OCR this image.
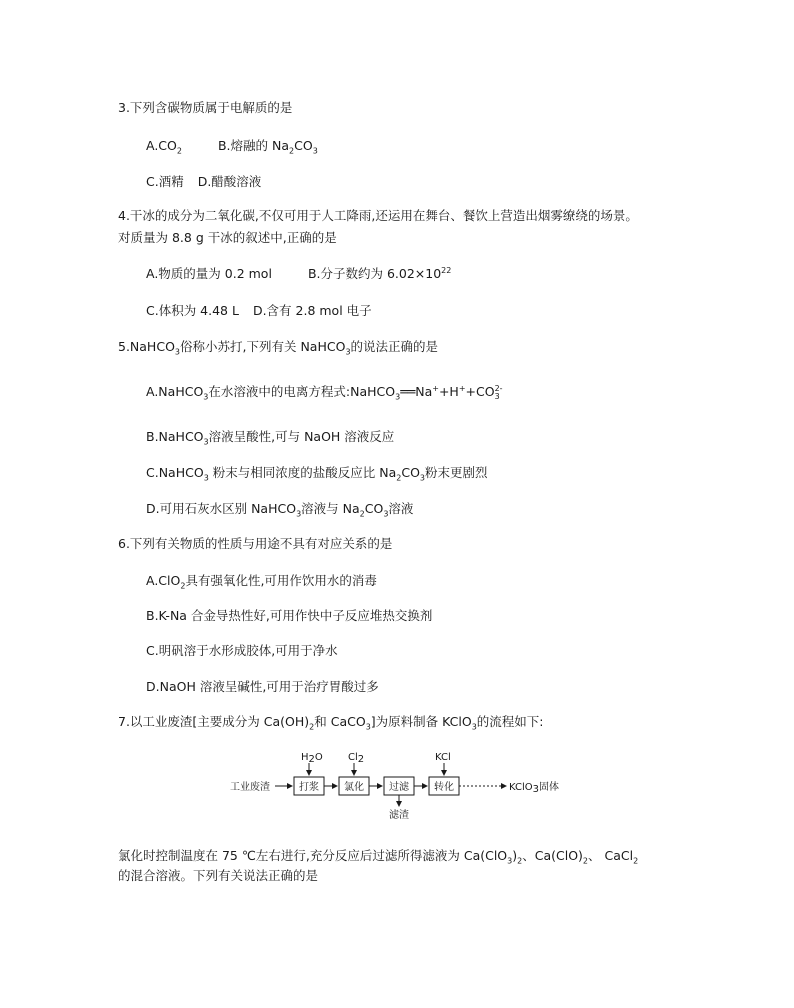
3.下列含碳物质属于电解质的是
$A.CO_2$	B.熔融的 $Na_2CO_3$
C.酒精 D.醋酸溶液
4.干冰的成分为二氧化碳,不仅可用于人工降雨,还运用在舞台、餐饮上营造出烟雾缭绕的场景。
对质量为 8.8 g 干冰的叙述中,正确的是
A.物质的量为 0.2 mol	B.分子数约为 $6.02\times 10^{22}$
C.体积为 4.48 L D.含有 2.8 mol 电子
5.NaHCO$_3$俗称小苏打,下列有关 NaHCO$_3$的说法正确的是
A.NaHCO$_3$在水溶液中的电离方程式:NaHCO$_3$══Na++H++CO 2-
3
B.NaHCO$_3$溶液呈酸性,可与 NaOH 溶液反应
C.NaHCO$_3$ 粉末与相同浓度的盐酸反应比 $Na_2CO_3$粉末更剧烈
D.可用石灰水区别 NaHCO$_3$溶液与 $Na_2CO_3$溶液
6.下列有关物质的性质与用途不具有对应关系的是
A.ClO$_2$具有强氧化性,可用作饮用水的消毒
B.K-Na 合金导热性好,可用作快中子反应堆热交换剂
C.明矾溶于水形成胶体,可用于净水
D.NaOH 溶液呈碱性,可用于治疗胃酸过多
7.以工业废渣[主要成分为 $Ca(OH)_2$和 CaCO$_3$]为原料制备 KClO$_3$的流程如下:
工业废渣	打浆
H2O
氯化
Cl2
过滤
滤渣
转化
KCl
KClO3固体
氯化时控制温度在 75 ℃左右进行,充分反应后过滤所得滤液为 $Ca(ClO_3)_2$、$Ca(ClO)_2$、 CaCl$_2$
的混合溶液。下列有关说法正确的是
